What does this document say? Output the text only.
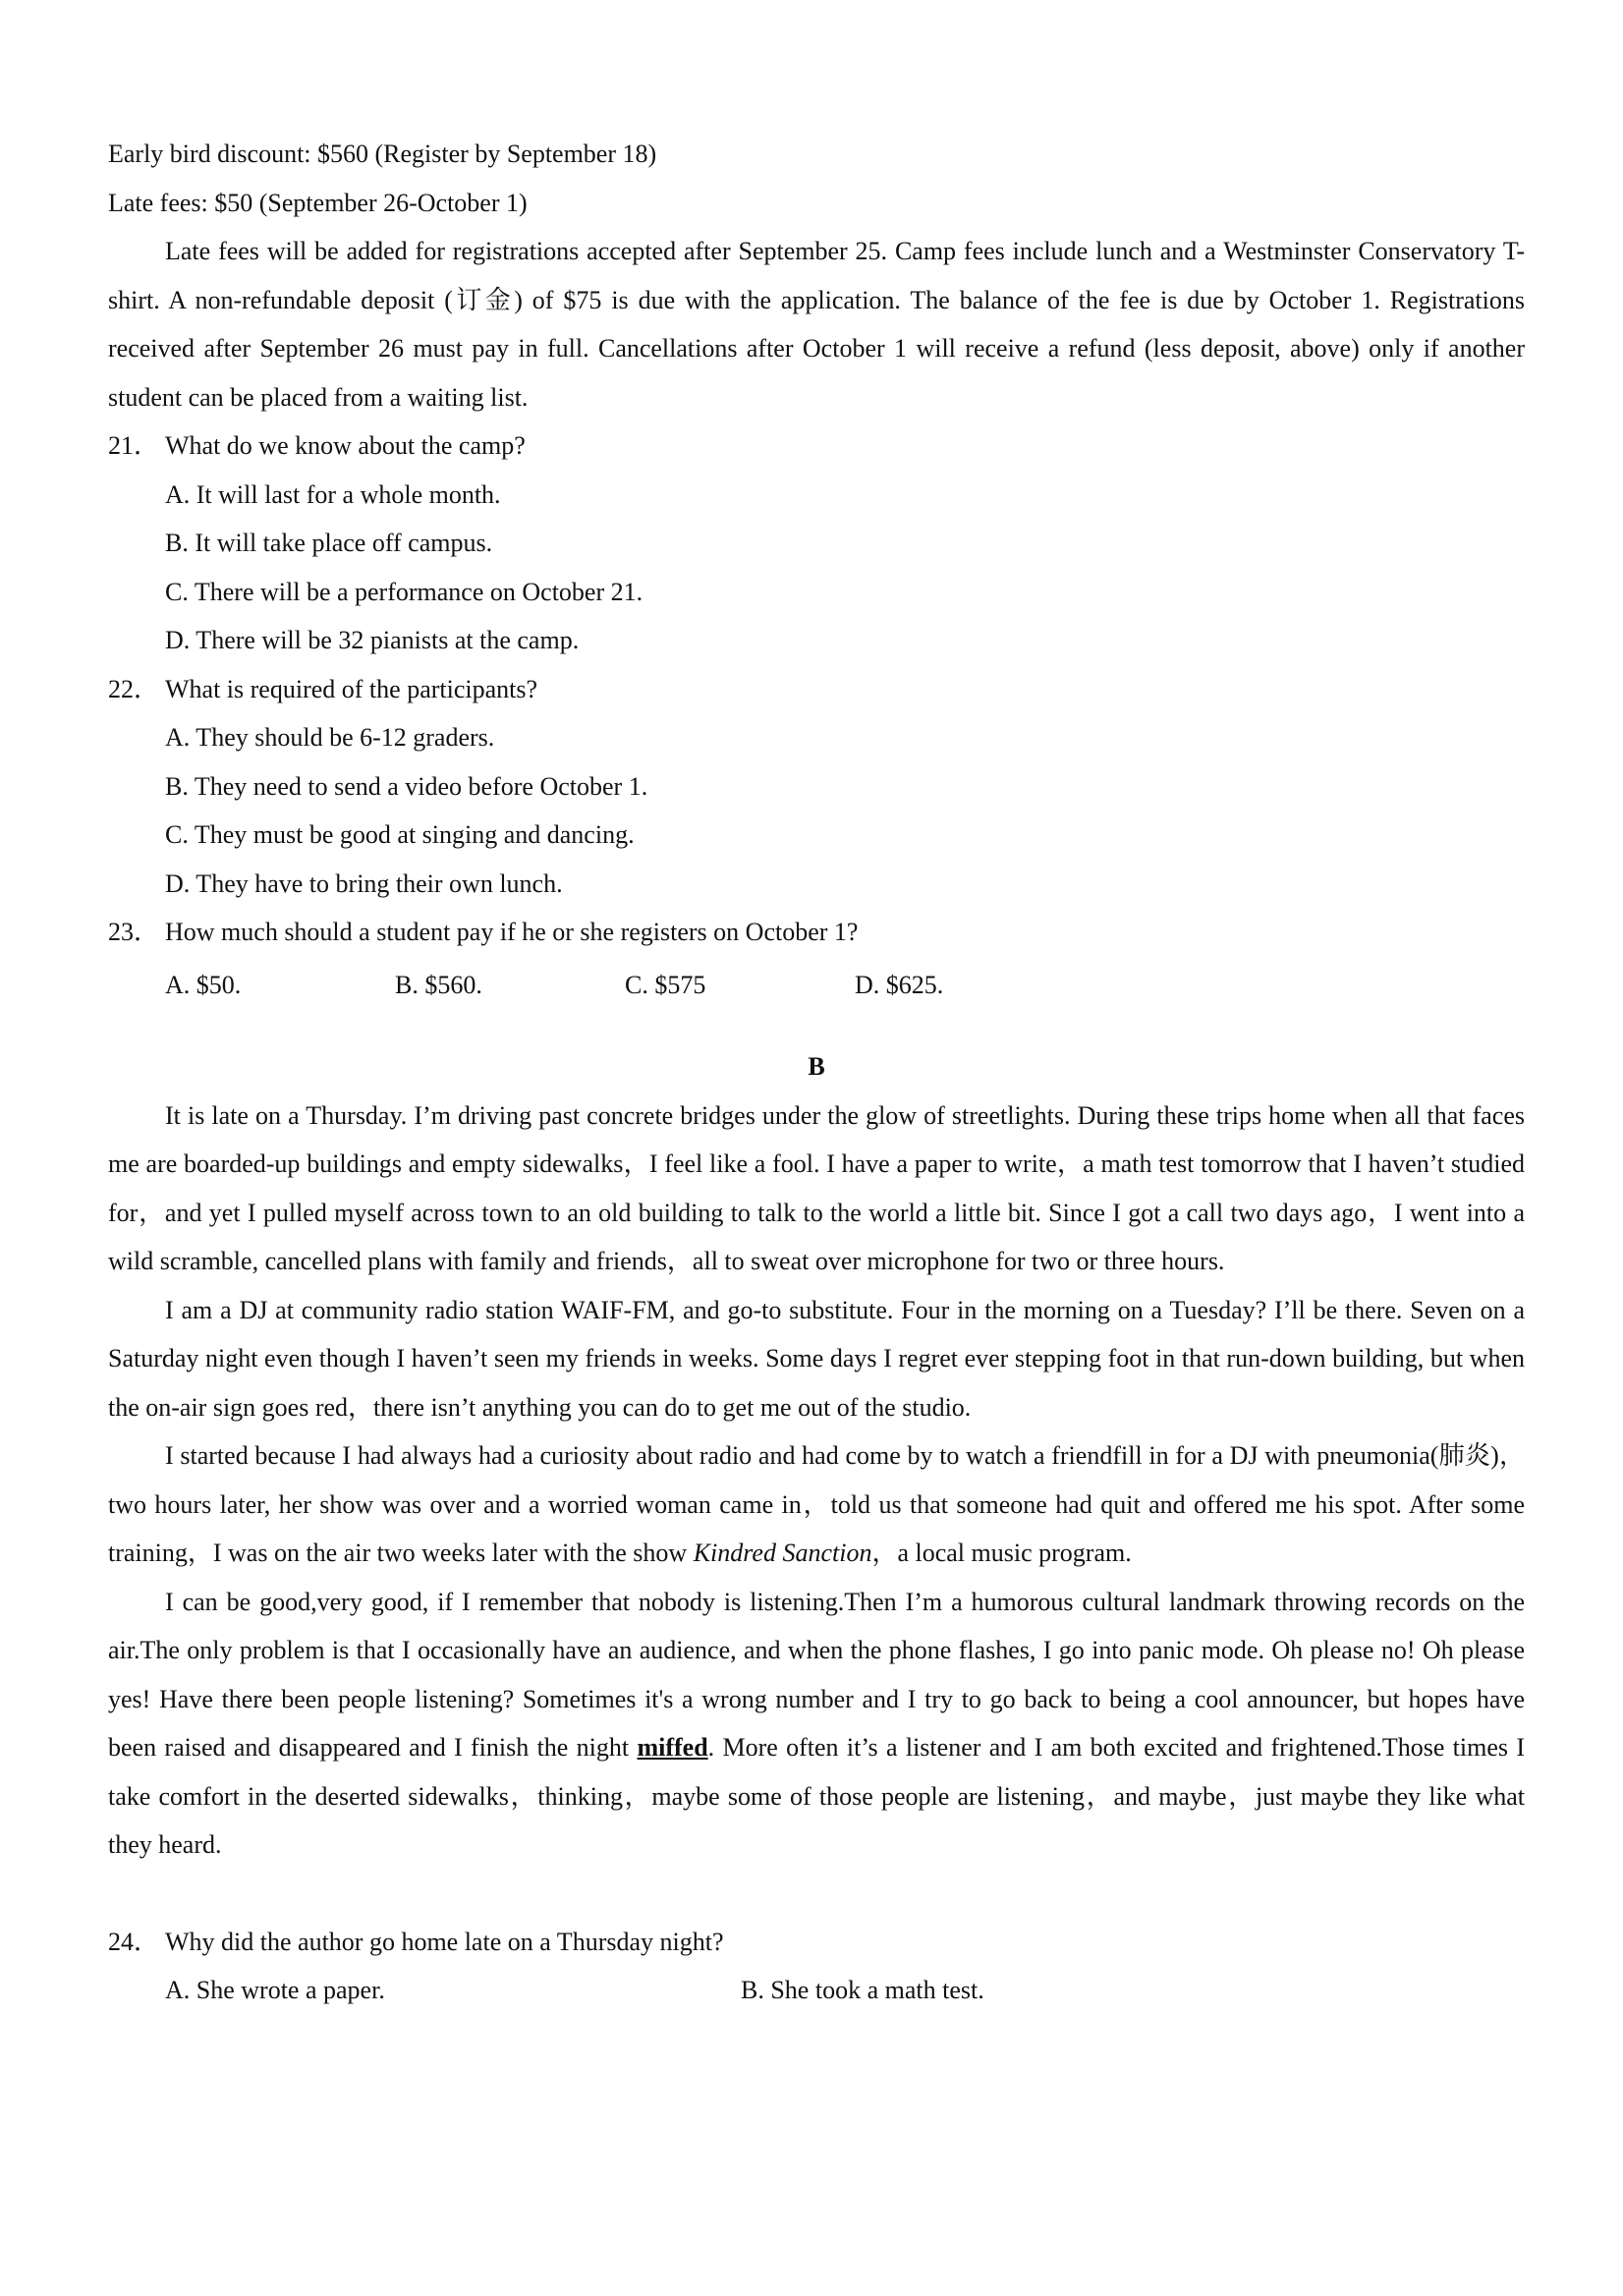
Early bird discount: $560 (Register by September 18)

Late fees: $50 (September 26-October 1)

Late fees will be added for registrations accepted after September 25. Camp fees include lunch and a Westminster Conservatory T-shirt. A non-refundable deposit (订金) of $75 is due with the application. The balance of the fee is due by October 1. Registrations received after September 26 must pay in full. Cancellations after October 1 will receive a refund (less deposit, above) only if another student can be placed from a waiting list.

21． What do we know about the camp?

A. It will last for a whole month.

B. It will take place off campus.

C. There will be a performance on October 21.

D. There will be 32 pianists at the camp.

22． What is required of the participants?

A. They should be 6-12 graders.

B. They need to send a video before October 1.

C. They must be good at singing and dancing.

D. They have to bring their own lunch.

23． How much should a student pay if he or she registers on October 1?

A. $50.	B. $560.	C. $575	D. $625.

B

It is late on a Thursday. I’m driving past concrete bridges under the glow of streetlights. During these trips home when all that faces me are boarded-up buildings and empty sidewalks，I feel like a fool. I have a paper to write，a math test tomorrow that I haven’t studied for，and yet I pulled myself across town to an old building to talk to the world a little bit. Since I got a call two days ago，I went into a wild scramble, cancelled plans with family and friends，all to sweat over microphone for two or three hours.

I am a DJ at community radio station WAIF-FM, and go-to substitute. Four in the morning on a Tuesday? I’ll be there. Seven on a Saturday night even though I haven’t seen my friends in weeks. Some days I regret ever stepping foot in that run-down building, but when the on-air sign goes red，there isn’t anything you can do to get me out of the studio.

I started because I had always had a curiosity about radio and had come by to watch a friendfill in for a DJ with pneumonia(肺炎)，two hours later, her show was over and a worried woman came in，told us that someone had quit and offered me his spot. After some training，I was on the air two weeks later with the show Kindred Sanction，a local music program.

I can be good,very good, if I remember that nobody is listening.Then I’m a humorous cultural landmark throwing records on the air.The only problem is that I occasionally have an audience, and when the phone flashes, I go into panic mode. Oh please no! Oh please yes! Have there been people listening? Sometimes it's a wrong number and I try to go back to being a cool announcer, but hopes have been raised and disappeared and I finish the night miffed. More often it’s a listener and I am both excited and frightened.Those times I take comfort in the deserted sidewalks，thinking，maybe some of those people are listening，and maybe，just maybe they like what they heard.

24． Why did the author go home late on a Thursday night?

A. She wrote a paper.	B. She took a math test.
